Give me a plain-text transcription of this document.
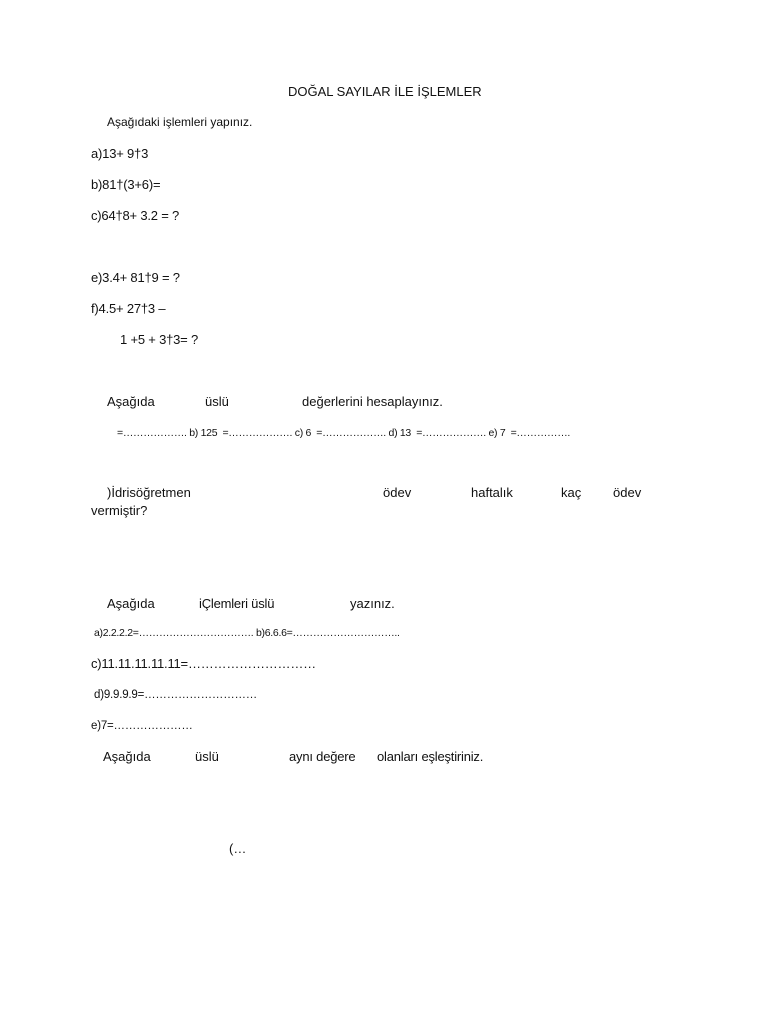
DOĞAL SAYILAR İLE İŞLEMLER
Aşağıdaki işlemleri yapınız.
a)13+ 9†3
b)81†(3+6)=
c)64†8+ 3.2 = ?
e)3.4+ 81†9 = ?
f)4.5+ 27†3 –
1 +5 + 3†3= ?
Aşağıda	üslü	değerlerini hesaplayınız.
=………………. b) 125  =………………. c) 6  =………………. d) 13  =………………. e) 7  =…………….
)İdrisöğretmen	ödev	haftalık	kaç ödev
vermiştir?
Aşağıda	iÇlemleri üslü	yazınız.
a)2.2.2.2=……………………………. b)6.6.6=…………………………..
c)11.11.11.11.11=…………………………
d)9.9.9.9=…………………………
e)7=…………………
Aşağıda	üslü	aynı değere olanları eşleştiriniz.
(…
